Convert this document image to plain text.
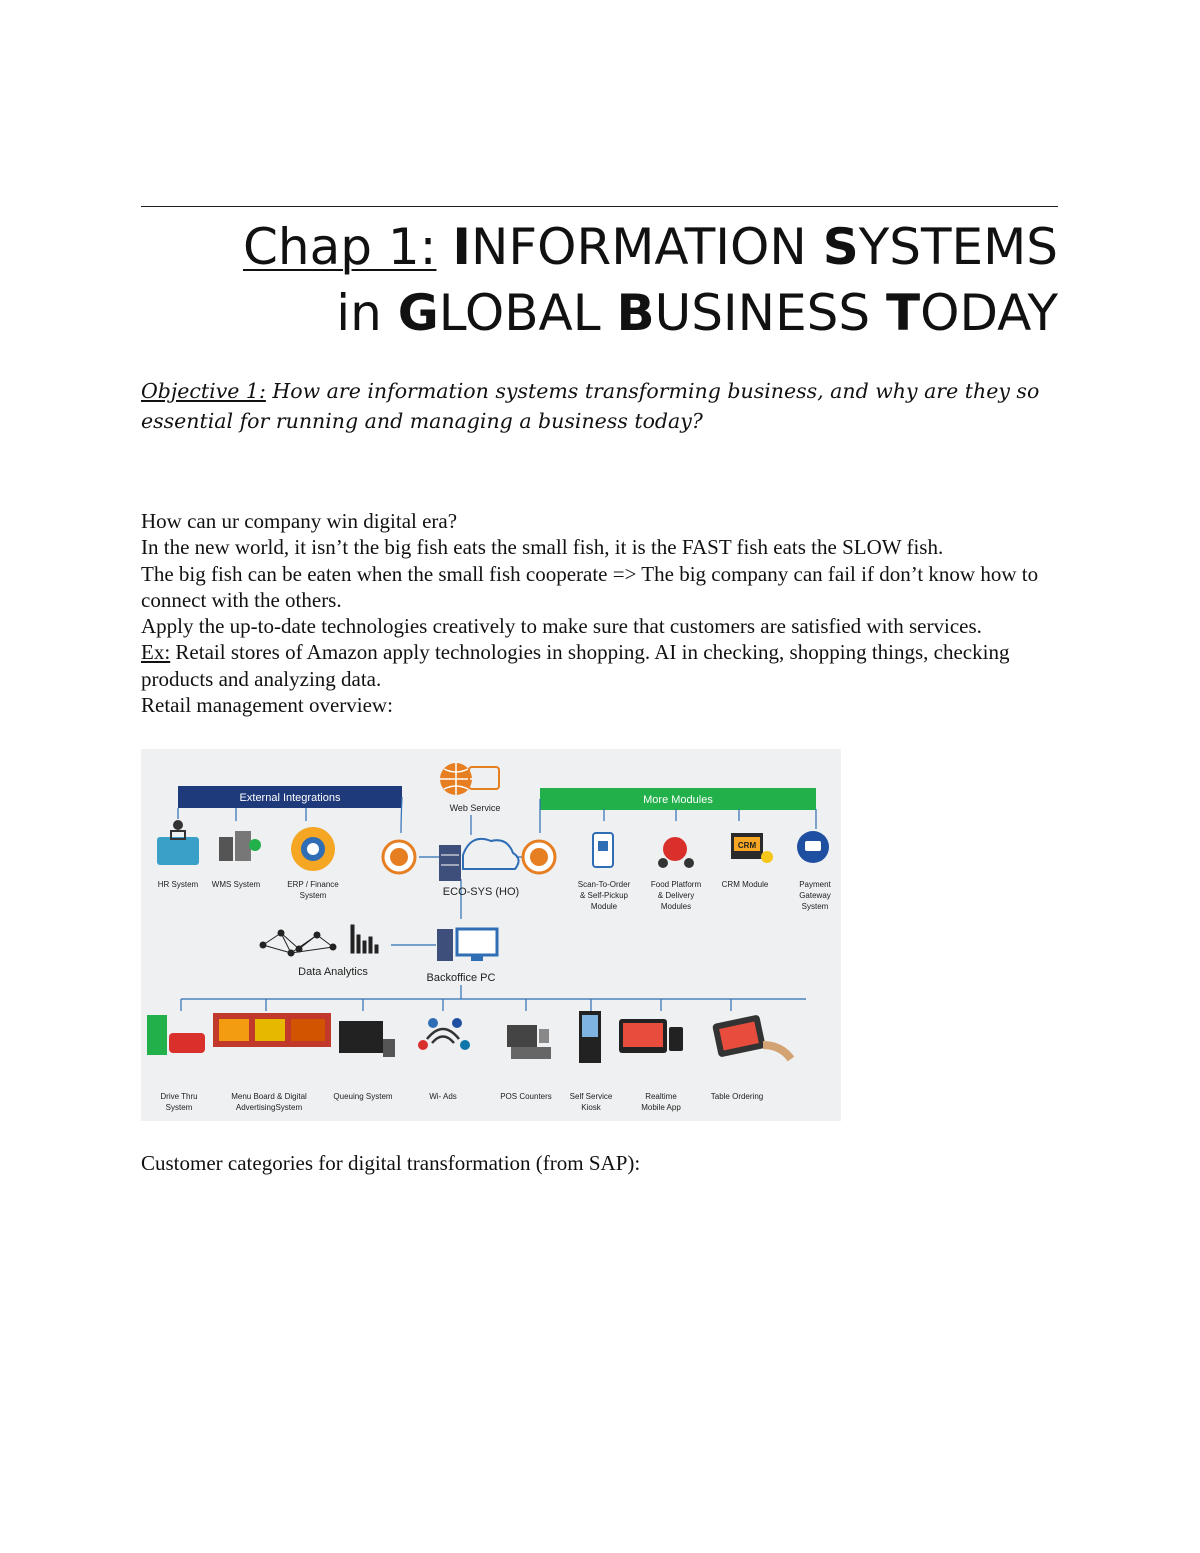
Chap 1: INFORMATION SYSTEMS
in GLOBAL BUSINESS TODAY
Objective 1: How are information systems transforming business, and why are they so essential for running and managing a business today?

How can ur company win digital era?

In the new world, it isn’t the big fish eats the small fish, it is the FAST fish eats the SLOW fish.

The big fish can be eaten when the small fish cooperate => The big company can fail if don’t know how to connect with the others.

Apply the up-to-date technologies creatively to make sure that customers are satisfied with services.

Ex: Retail stores of Amazon apply technologies in shopping. AI in checking, shopping things, checking products and analyzing data.

Retail management overview:

External Integrations	More Modules
Web Service
HR System WMS System	ERP / Finance System	ECO-SYS (HO)
CRM
Scan-To-Order & Self-Pickup Module
Food Platform & Delivery Modules
CRM Module	Payment Gateway System
Data Analytics	Backoffice PC
Drive Thru System
Menu Board & Digital AdvertisingSystem
Queuing System	Wi- Ads	POS Counters Self Service Kiosk
Realtime Mobile App
Table Ordering
Customer categories for digital transformation (from SAP):
